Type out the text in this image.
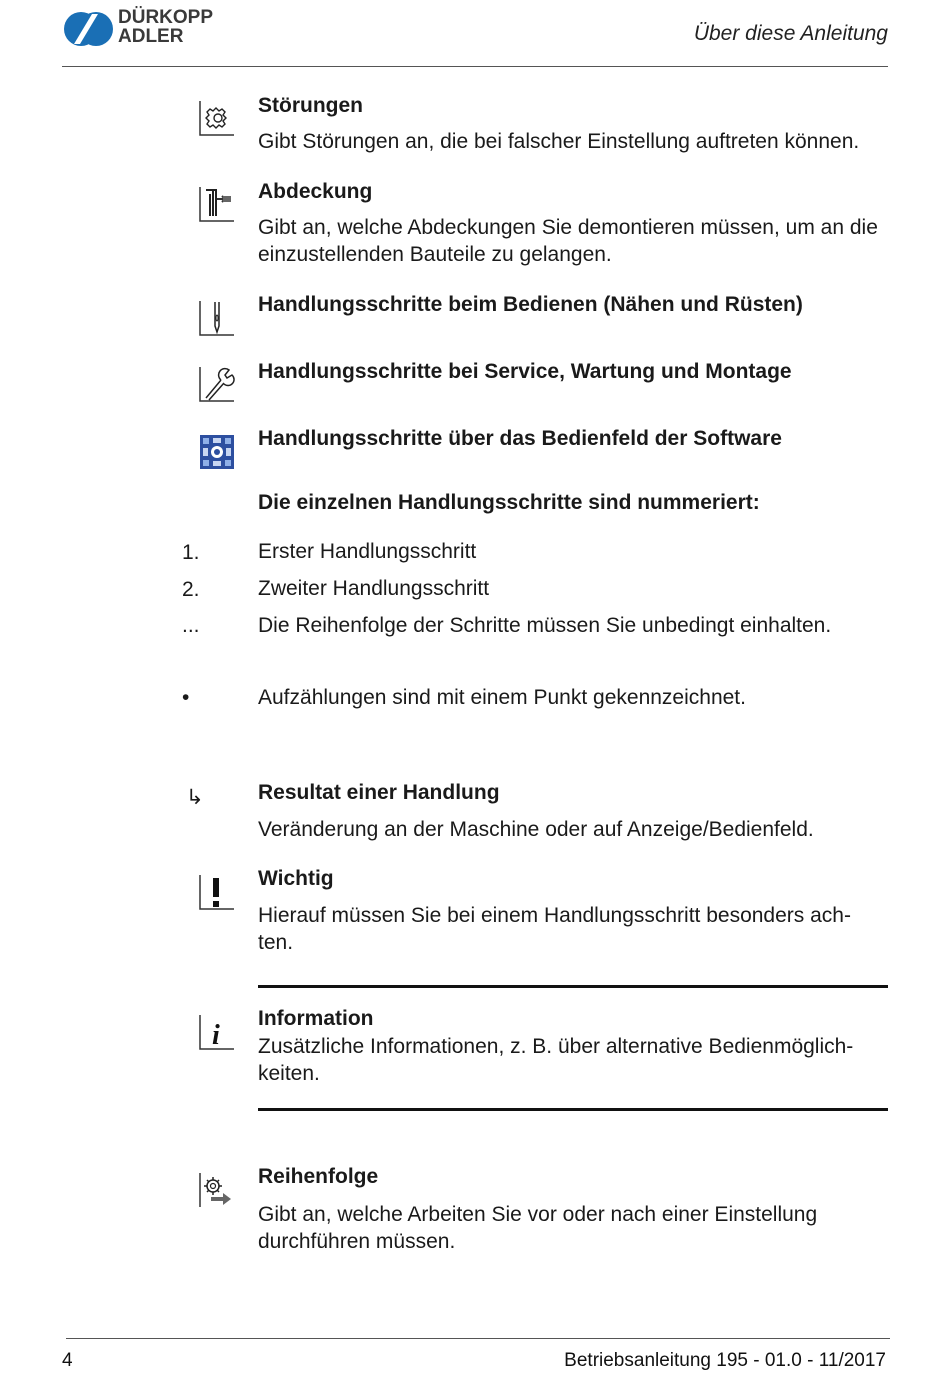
DÜRKOPP
ADLER	Über diese Anleitung
Störungen
Gibt Störungen an, die bei falscher Einstellung auftreten können.
Abdeckung
Gibt an, welche Abdeckungen Sie demontieren müssen, um an die einzustellenden Bauteile zu gelangen.
Handlungsschritte beim Bedienen (Nähen und Rüsten)
Handlungsschritte bei Service, Wartung und Montage
Handlungsschritte über das Bedienfeld der Software
Die einzelnen Handlungsschritte sind nummeriert:
1.	Erster Handlungsschritt
2.	Zweiter Handlungsschritt
...	Die Reihenfolge der Schritte müssen Sie unbedingt einhalten.
•	Aufzählungen sind mit einem Punkt gekennzeichnet.
↳	Resultat einer Handlung
Veränderung an der Maschine oder auf Anzeige/Bedienfeld.
Wichtig
Hierauf müssen Sie bei einem Handlungsschritt besonders ach-
ten.
i
Information
Zusätzliche Informationen, z. B. über alternative Bedienmöglich-
keiten.
Reihenfolge
Gibt an, welche Arbeiten Sie vor oder nach einer Einstellung durchführen müssen.
4	Betriebsanleitung 195 - 01.0 - 11/2017
